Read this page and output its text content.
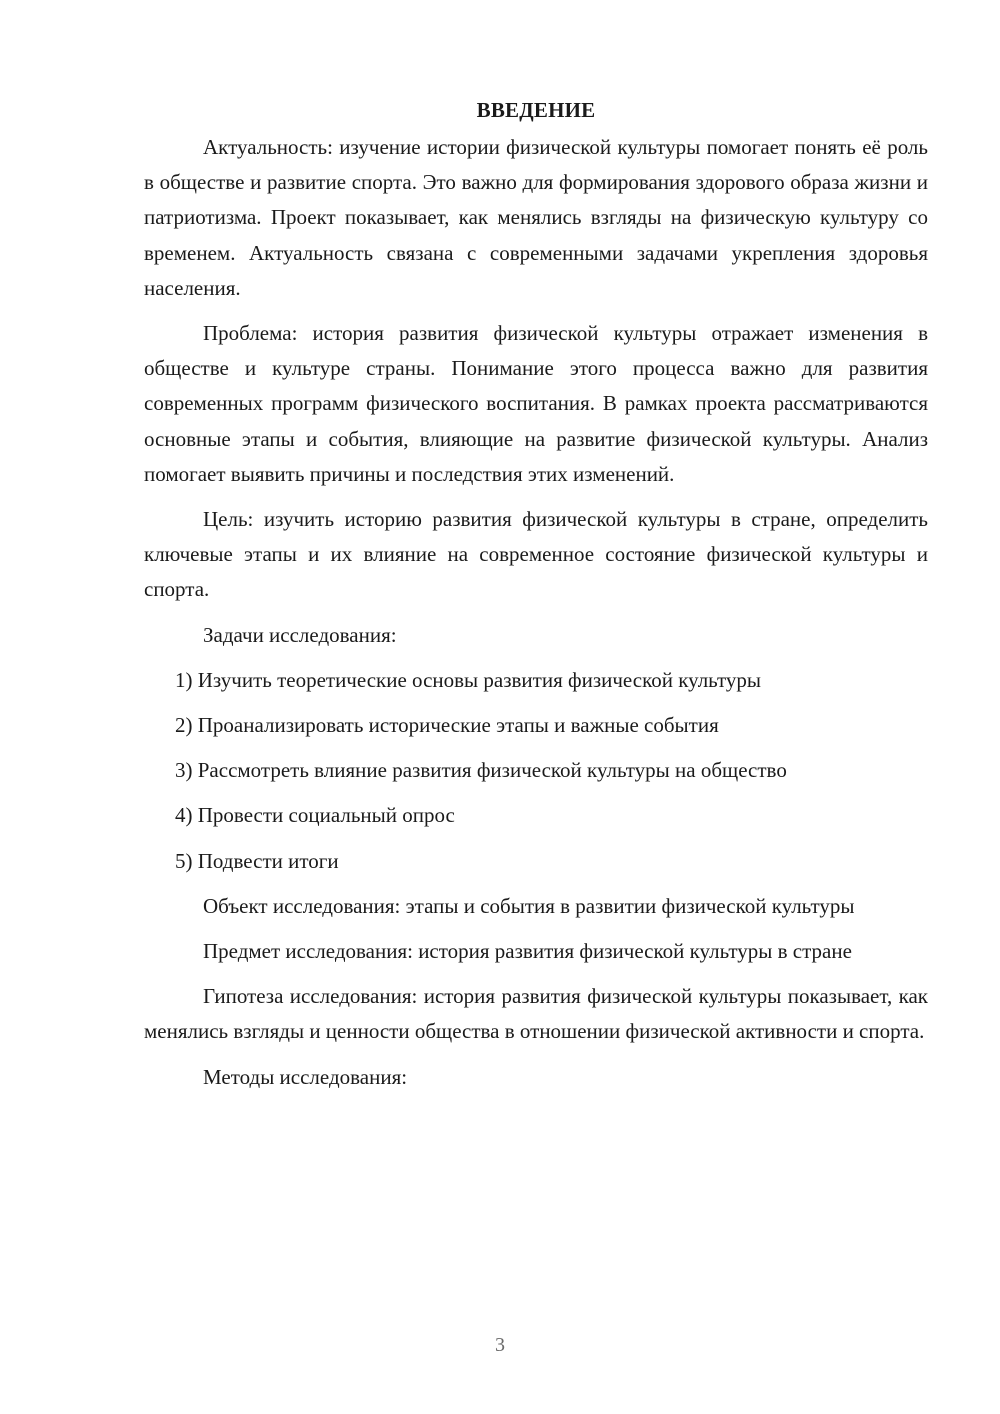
ВВЕДЕНИЕ

Актуальность: изучение истории физической культуры помогает понять её роль в обществе и развитие спорта. Это важно для формирования здорового образа жизни и патриотизма. Проект показывает, как менялись взгляды на физическую культуру со временем. Актуальность связана с современными задачами укрепления здоровья населения.

Проблема: история развития физической культуры отражает изменения в обществе и культуре страны. Понимание этого процесса важно для развития современных программ физического воспитания. В рамках проекта рассматриваются основные этапы и события, влияющие на развитие физической культуры. Анализ помогает выявить причины и последствия этих изменений.

Цель: изучить историю развития физической культуры в стране, определить ключевые этапы и их влияние на современное состояние физической культуры и спорта.

Задачи исследования:

1) Изучить теоретические основы развития физической культуры
2) Проанализировать исторические этапы и важные события
3) Рассмотреть влияние развития физической культуры на общество
4) Провести социальный опрос
5) Подвести итоги

Объект исследования: этапы и события в развитии физической культуры

Предмет исследования: история развития физической культуры в стране

Гипотеза исследования: история развития физической культуры показывает, как менялись взгляды и ценности общества в отношении физической активности и спорта.

Методы исследования:

3
